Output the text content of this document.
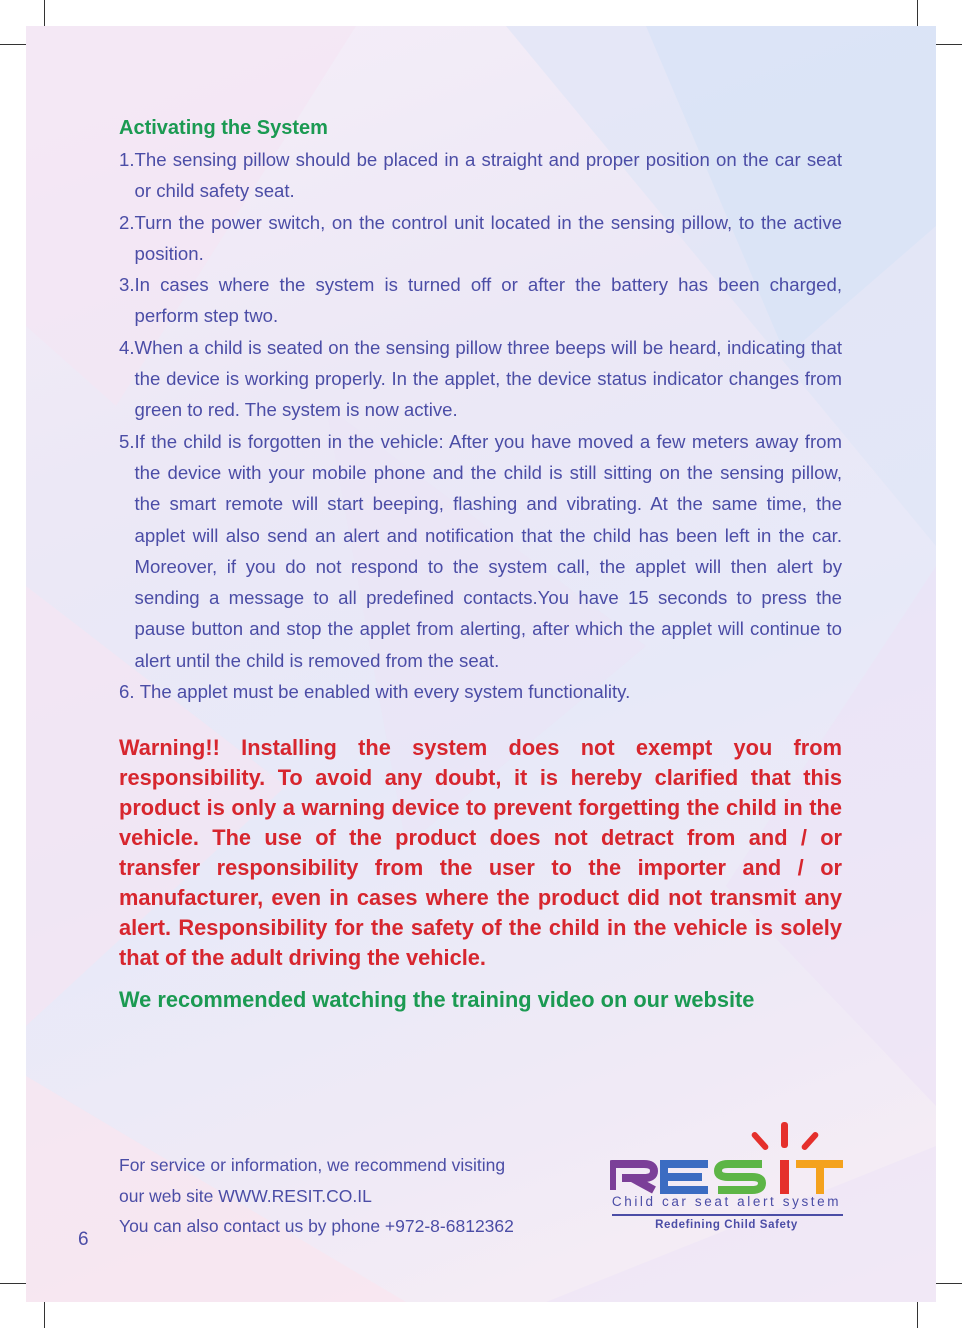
Activating the System
1. The sensing pillow should be placed in a straight and proper position on the car seat or child safety seat.
2. Turn the power switch, on the control unit located in the sensing pillow, to the active position.
3. In cases where the system is turned off or after the battery has been charged, perform step two.
4. When a child is seated on the sensing pillow three beeps will be heard, indicating that the device is working properly. In the applet, the device status indicator changes from green to red. The system is now active.
5. If the child is forgotten in the vehicle: After you have moved a few meters away from the device with your mobile phone and the child is still sitting on the sensing pillow, the smart remote will start beeping, flashing and vibrating. At the same time, the applet will also send an alert and notification that the child has been left in the car. Moreover, if you do not respond to the system call, the applet will then alert by sending a message to all predefined contacts.You have 15 seconds to press the pause button and stop the applet from alerting, after which the applet will continue to alert until the child is removed from the seat.
6. The applet must be enabled with every system functionality.
Warning!! Installing the system does not exempt you from responsibility. To avoid any doubt, it is hereby clarified that this product is only a warning device to prevent forgetting the child in the vehicle. The use of the product does not detract from and / or transfer responsibility from the user to the importer and / or manufacturer, even in cases where the product did not transmit any alert. Responsibility for the safety of the child in the vehicle is solely that of the adult driving the vehicle.
We recommended watching the training video on our website
For service or information, we recommend visiting
our web site WWW.RESIT.CO.IL
You can also contact us by phone +972-8-6812362
6
Child car seat alert system
Redefining Child Safety
